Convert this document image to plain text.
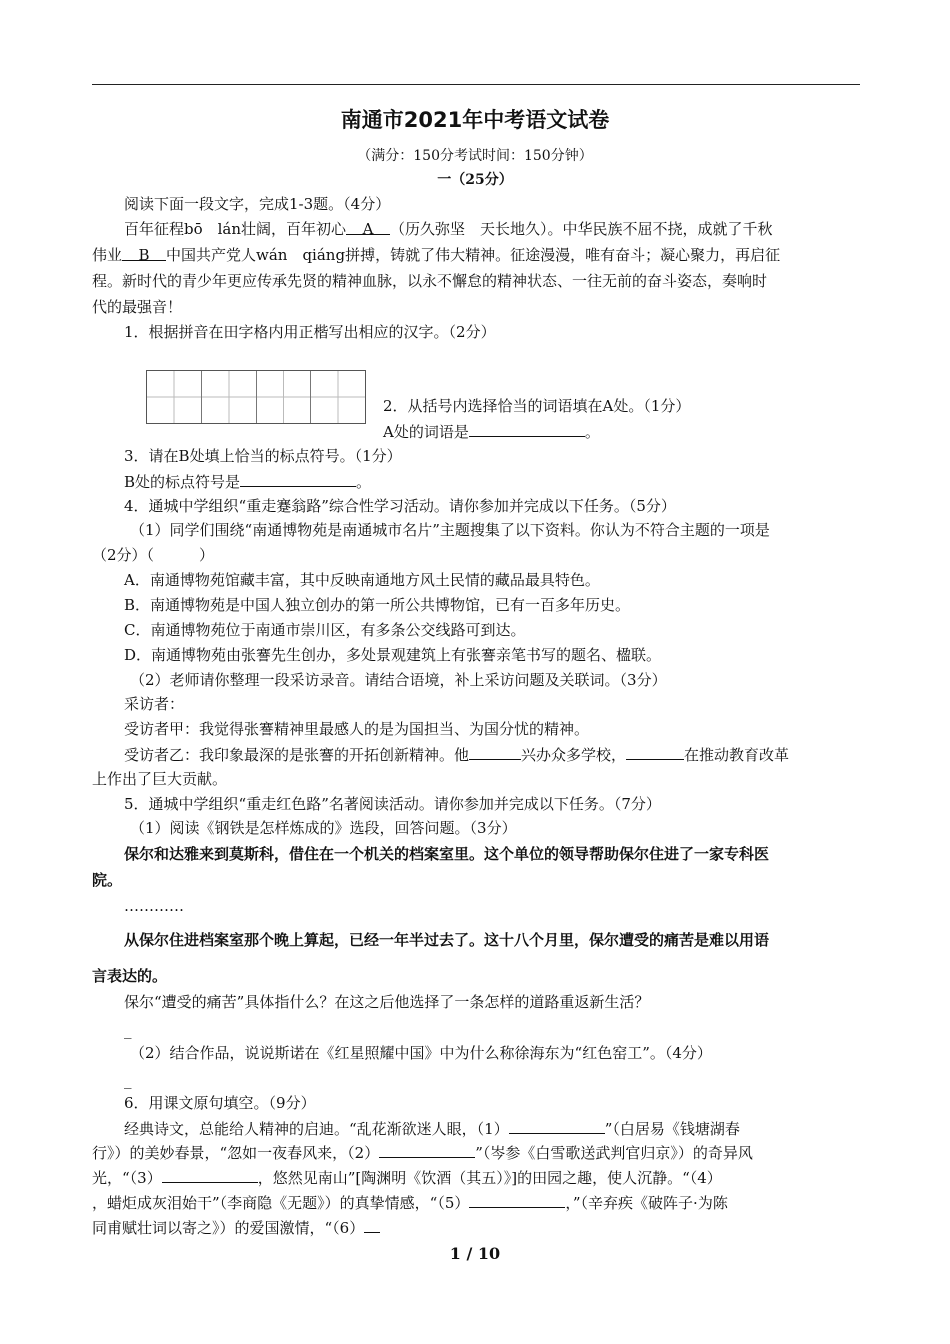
南通市2021年中考语文试卷
（满分：150分考试时间：150分钟）
一（25分）
阅读下面一段文字，完成1-3题。（4分）
百年征程bō　lán壮阔，百年初心 A （历久弥坚　天长地久）。中华民族不屈不挠，成就了千秋
伟业 B 中国共产党人wán　qiáng拼搏，铸就了伟大精神。征途漫漫，唯有奋斗；凝心聚力，再启征
程。新时代的青少年更应传承先贤的精神血脉，以永不懈怠的精神状态、一往无前的奋斗姿态，奏响时
代的最强音！
1．根据拼音在田字格内用正楷写出相应的汉字。（2分）
2．从括号内选择恰当的词语填在A处。（1分）
A处的词语是	。
3．请在B处填上恰当的标点符号。（1分）
B处的标点符号是	。
4．通城中学组织“重走蹇翁路”综合性学习活动。请你参加并完成以下任务。（5分）
（1）同学们围绕“南通博物苑是南通城市名片”主题搜集了以下资料。你认为不符合主题的一项是
（2分）（　　　）
A．南通博物苑馆藏丰富，其中反映南通地方风土民情的藏品最具特色。
B．南通博物苑是中国人独立创办的第一所公共博物馆，已有一百多年历史。
C．南通博物苑位于南通市崇川区，有多条公交线路可到达。
D．南通博物苑由张謇先生创办，多处景观建筑上有张謇亲笔书写的题名、楹联。
（2）老师请你整理一段采访录音。请结合语境，补上采访问题及关联词。（3分）
采访者：
受访者甲：我觉得张謇精神里最感人的是为国担当、为国分忧的精神。
受访者乙：我印象最深的是张謇的开拓创新精神。他	兴办众多学校，	在推动教育改革
上作出了巨大贡献。
5．通城中学组织“重走红色路”名著阅读活动。请你参加并完成以下任务。（7分）
（1）阅读《钢铁是怎样炼成的》选段，回答问题。（3分）
保尔和达雅来到莫斯科，借住在一个机关的档案室里。这个单位的领导帮助保尔住进了一家专科医
院。
…………
从保尔住进档案室那个晚上算起，已经一年半过去了。这十八个月里，保尔遭受的痛苦是难以用语
言表达的。
保尔“遭受的痛苦”具体指什么？在这之后他选择了一条怎样的道路重返新生活？
_
（2）结合作品，说说斯诺在《红星照耀中国》中为什么称徐海东为“红色窑工”。（4分）
_
6．用课文原句填空。（9分）
经典诗文，总能给人精神的启迪。“乱花渐欲迷人眼，（1）	”（白居易《钱塘湖春
行》）的美妙春景，“忽如一夜春风来，（2）	”（岑参《白雪歌送武判官归京》）的奇异风
光，“（3）	，悠然见南山”[陶渊明《饮酒（其五）》]的田园之趣，使人沉静。“（4）
，蜡炬成灰泪始干”（李商隐《无题》）的真挚情感，“（5）	，”（辛弃疾《破阵子·为陈
同甫赋壮词以寄之》）的爱国激情，“（6）
1 / 10
